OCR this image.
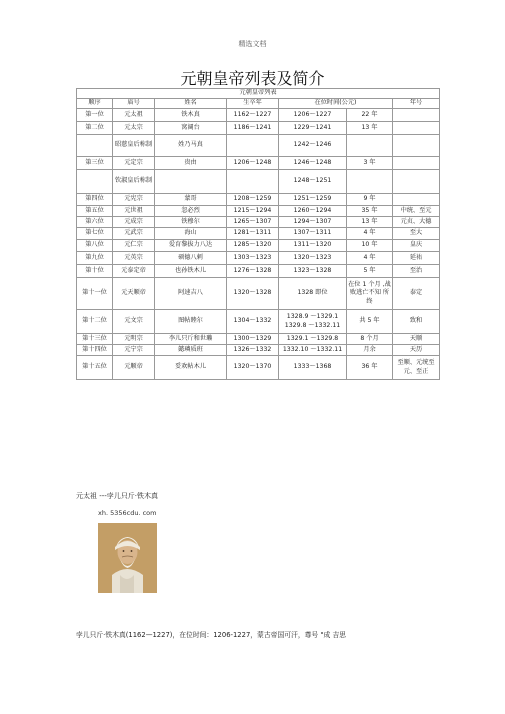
精选文档
元朝皇帝列表及简介
元朝皇帝列表						
顺序	庙号	姓名	生卒年	在位时间(公元)		年号
第一位	元太祖	铁木真	1162～1227	1206～1227	22 年	
第二位	元太宗	窝阔台	1186～1241	1229～1241	13 年	
	昭慈皇后称制	姓乃马真		1242～1246		
第三位	元定宗	贵由	1206～1248	1246～1248	3 年	
	钦淑皇后称制			1248～1251		
第四位	元宪宗	蒙哥	1208～1259	1251～1259	9 年	
第五位	元世祖	忽必烈	1215～1294	1260～1294	35 年	中统、至元
第六位	元成宗	铁穆尔	1265～1307	1294～1307	13 年	元贞、大德
第七位	元武宗	海山	1281～1311	1307～1311	4 年	至大
第八位	元仁宗	爱育黎拔力八达	1285～1320	1311～1320	10 年	皇庆
第九位	元英宗	硕德八剌	1303～1323	1320～1323	4 年	延祐
第十位	元泰定帝	也孙铁木儿	1276～1328	1323～1328	5 年	至治
第十一位	元天顺帝	阿速吉八	1320～1328	1328 即位	在位 1 个月 ,战败逃亡不知 所终	泰定
第十二位	元文宗	图帖睦尔	1304～1332	1328.9 ～1329.1 1329.8 ～1332.11	共 5 年	致和
第十三位	元明宗	李儿只斤和世瓎	1300～1329	1329.1 ～1329.8	8 个月	天顺
第十四位	元宁宗	懿璘质班	1326～1332	1332.10 ～1332.11	月余	天历
第十五位	元顺帝	妥欢帖木儿	1320～1370	1333～1368	36 年	至顺、元统至元、至正
元太祖 ---孛儿只斤·铁木真
xh. 5356cdu. com
孛儿只斤·铁木真(1162—1227)，在位时间：1206-1227，蒙古帝国可汗，尊号 "成 吉思
